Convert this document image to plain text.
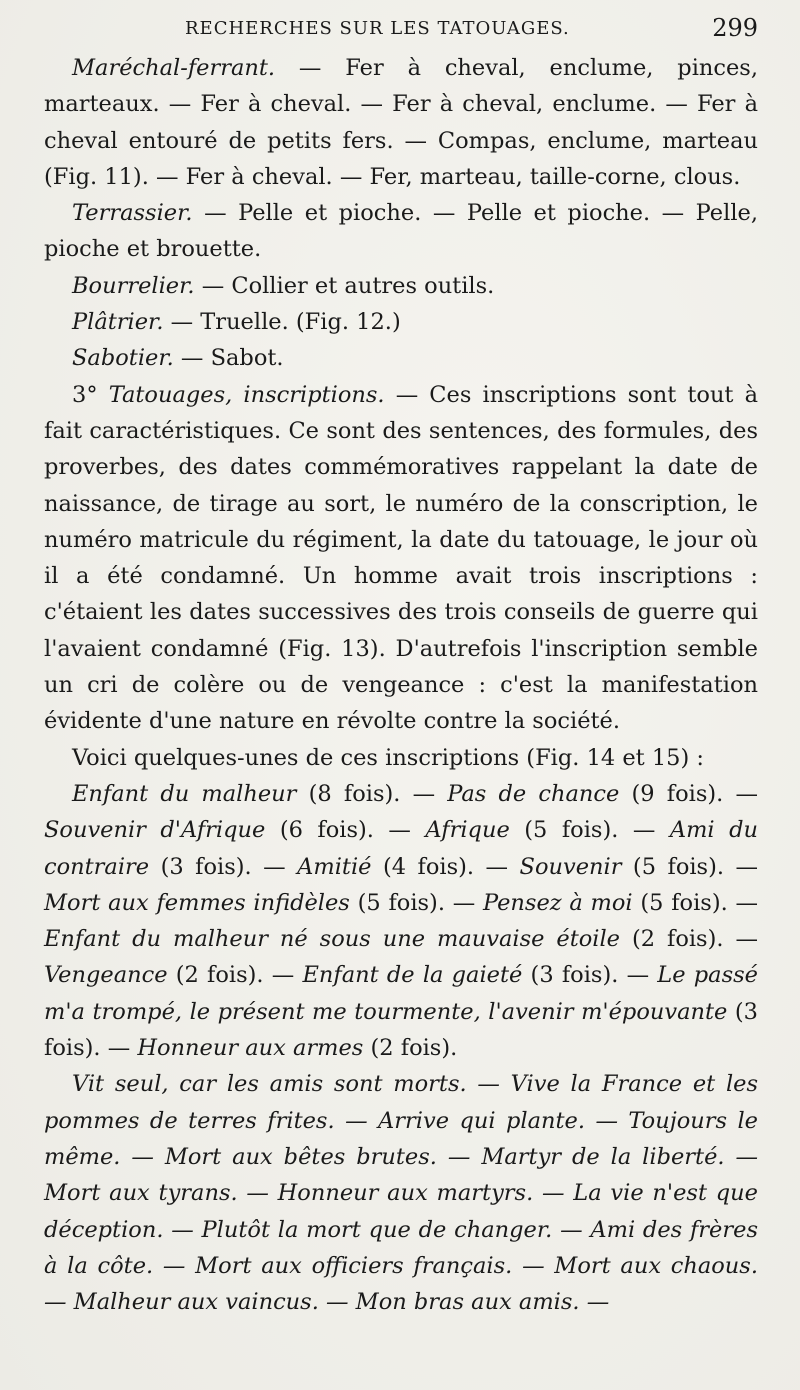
RECHERCHES SUR LES TATOUAGES.	299

Maréchal-ferrant. — Fer à cheval, enclume, pinces, marteaux. — Fer à cheval. — Fer à cheval, enclume. — Fer à cheval entouré de petits fers. — Compas, enclume, marteau (Fig. 11). — Fer à cheval. — Fer, marteau, taille-corne, clous.

Terrassier. — Pelle et pioche. — Pelle et pioche. — Pelle, pioche et brouette.

Bourrelier. — Collier et autres outils.

Plâtrier. — Truelle. (Fig. 12.)

Sabotier. — Sabot.

3° Tatouages, inscriptions. — Ces inscriptions sont tout à fait caractéristiques. Ce sont des sentences, des formules, des proverbes, des dates commémoratives rappelant la date de naissance, de tirage au sort, le numéro de la conscription, le numéro matricule du régiment, la date du tatouage, le jour où il a été condamné. Un homme avait trois inscriptions : c'étaient les dates successives des trois conseils de guerre qui l'avaient condamné (Fig. 13). D'autrefois l'inscription semble un cri de colère ou de vengeance : c'est la manifestation évidente d'une nature en révolte contre la société.

Voici quelques-unes de ces inscriptions (Fig. 14 et 15) :

Enfant du malheur (8 fois). — Pas de chance (9 fois). — Souvenir d'Afrique (6 fois). — Afrique (5 fois). — Ami du contraire (3 fois). — Amitié (4 fois). — Souvenir (5 fois). — Mort aux femmes infidèles (5 fois). — Pensez à moi (5 fois). — Enfant du malheur né sous une mauvaise étoile (2 fois). — Vengeance (2 fois). — Enfant de la gaieté (3 fois). — Le passé m'a trompé, le présent me tourmente, l'avenir m'épouvante (3 fois). — Honneur aux armes (2 fois).

Vit seul, car les amis sont morts. — Vive la France et les pommes de terres frites. — Arrive qui plante. — Toujours le même. — Mort aux bêtes brutes. — Martyr de la liberté. — Mort aux tyrans. — Honneur aux martyrs. — La vie n'est que déception. — Plutôt la mort que de changer. — Ami des frères à la côte. — Mort aux officiers français. — Mort aux chaous. — Malheur aux vaincus. — Mon bras aux amis. —
